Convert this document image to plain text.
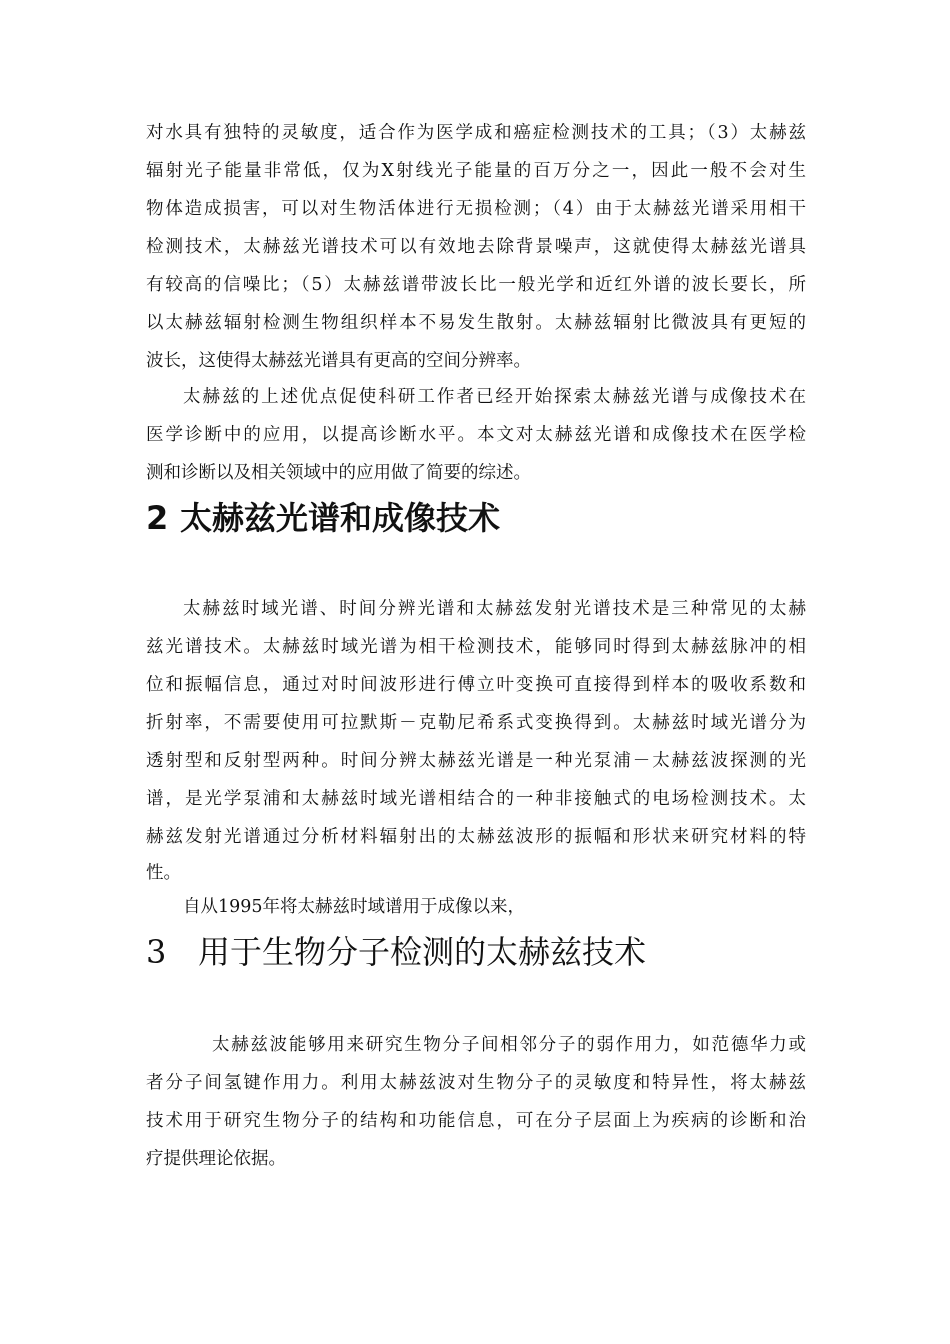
对水具有独特的灵敏度，适合作为医学成和癌症检测技术的工具；（3）太赫兹
辐射光子能量非常低，仅为X射线光子能量的百万分之一，因此一般不会对生
物体造成损害，可以对生物活体进行无损检测；（4）由于太赫兹光谱采用相干
检测技术，太赫兹光谱技术可以有效地去除背景噪声，这就使得太赫兹光谱具
有较高的信噪比；（5）太赫兹谱带波长比一般光学和近红外谱的波长要长，所
以太赫兹辐射检测生物组织样本不易发生散射。太赫兹辐射比微波具有更短的
波长，这使得太赫兹光谱具有更高的空间分辨率。
太赫兹的上述优点促使科研工作者已经开始探索太赫兹光谱与成像技术在
医学诊断中的应用，以提高诊断水平。本文对太赫兹光谱和成像技术在医学检
测和诊断以及相关领域中的应用做了简要的综述。
2 太赫兹光谱和成像技术
太赫兹时域光谱、时间分辨光谱和太赫兹发射光谱技术是三种常见的太赫
兹光谱技术。太赫兹时域光谱为相干检测技术，能够同时得到太赫兹脉冲的相
位和振幅信息，通过对时间波形进行傅立叶变换可直接得到样本的吸收系数和
折射率，不需要使用可拉默斯－克勒尼希系式变换得到。太赫兹时域光谱分为
透射型和反射型两种。时间分辨太赫兹光谱是一种光泵浦－太赫兹波探测的光
谱，是光学泵浦和太赫兹时域光谱相结合的一种非接触式的电场检测技术。太
赫兹发射光谱通过分析材料辐射出的太赫兹波形的振幅和形状来研究材料的特
性。
自从1995年将太赫兹时域谱用于成像以来，
3 用于生物分子检测的太赫兹技术
太赫兹波能够用来研究生物分子间相邻分子的弱作用力，如范德华力或
者分子间氢键作用力。利用太赫兹波对生物分子的灵敏度和特异性，将太赫兹
技术用于研究生物分子的结构和功能信息，可在分子层面上为疾病的诊断和治
疗提供理论依据。
